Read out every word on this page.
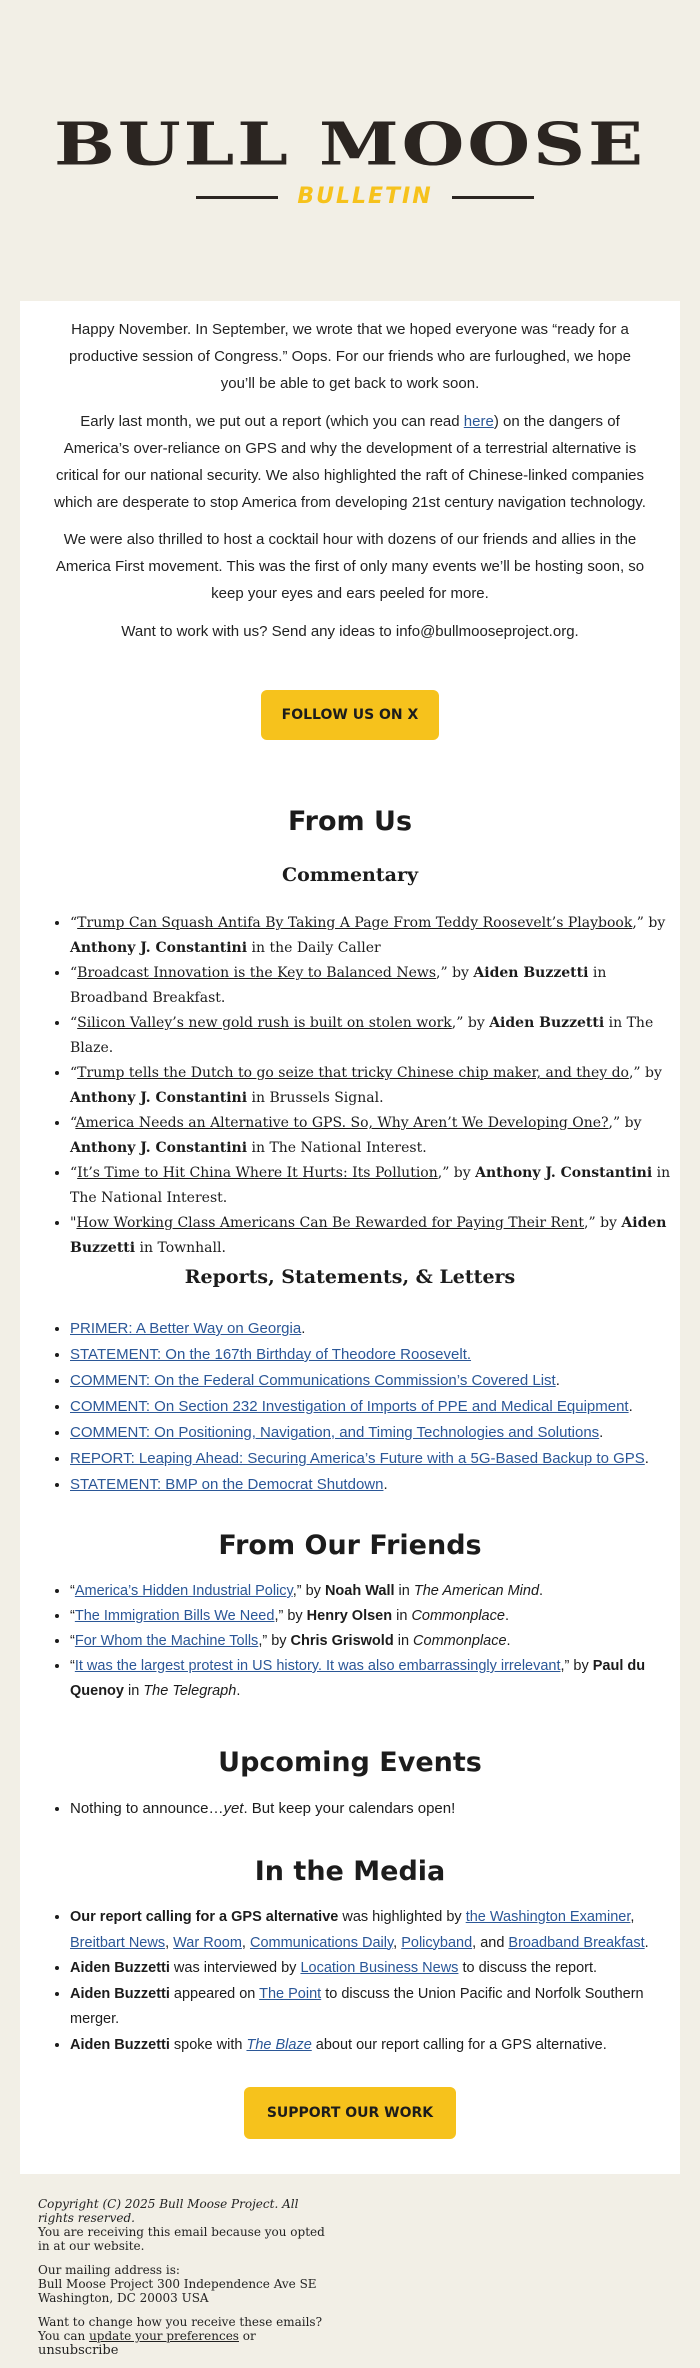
BULL MOOSE
BULLETIN

Happy November. In September, we wrote that we hoped everyone was “ready for a productive session of Congress.” Oops. For our friends who are furloughed, we hope you’ll be able to get back to work soon.

Early last month, we put out a report (which you can read here) on the dangers of America’s over-reliance on GPS and why the development of a terrestrial alternative is critical for our national security. We also highlighted the raft of Chinese-linked companies which are desperate to stop America from developing 21st century navigation technology.

We were also thrilled to host a cocktail hour with dozens of our friends and allies in the America First movement. This was the first of only many events we’ll be hosting soon, so keep your eyes and ears peeled for more.

Want to work with us? Send any ideas to info@bullmooseproject.org.

FOLLOW US ON X
From Us
Commentary
• “Trump Can Squash Antifa By Taking A Page From Teddy Roosevelt’s Playbook,” by Anthony J. Constantini in the Daily Caller
• “Broadcast Innovation is the Key to Balanced News,” by Aiden Buzzetti in Broadband Breakfast.
• “Silicon Valley’s new gold rush is built on stolen work,” by Aiden Buzzetti in The Blaze.
• “Trump tells the Dutch to go seize that tricky Chinese chip maker, and they do,” by Anthony J. Constantini in Brussels Signal.
• “America Needs an Alternative to GPS. So, Why Aren’t We Developing One?,” by Anthony J. Constantini in The National Interest.
• “It’s Time to Hit China Where It Hurts: Its Pollution,” by Anthony J. Constantini in The National Interest.
• "How Working Class Americans Can Be Rewarded for Paying Their Rent,” by Aiden Buzzetti in Townhall.
Reports, Statements, & Letters
• PRIMER: A Better Way on Georgia.
• STATEMENT: On the 167th Birthday of Theodore Roosevelt.
• COMMENT: On the Federal Communications Commission’s Covered List.
• COMMENT: On Section 232 Investigation of Imports of PPE and Medical Equipment.
• COMMENT: On Positioning, Navigation, and Timing Technologies and Solutions.
• REPORT: Leaping Ahead: Securing America’s Future with a 5G-Based Backup to GPS.
• STATEMENT: BMP on the Democrat Shutdown.
From Our Friends
• “America’s Hidden Industrial Policy,” by Noah Wall in The American Mind.
• “The Immigration Bills We Need,” by Henry Olsen in Commonplace.
• “For Whom the Machine Tolls,” by Chris Griswold in Commonplace.
• “It was the largest protest in US history. It was also embarrassingly irrelevant,” by Paul du Quenoy in The Telegraph.
Upcoming Events
• Nothing to announce…yet. But keep your calendars open!
In the Media
• Our report calling for a GPS alternative was highlighted by the Washington Examiner, Breitbart News, War Room, Communications Daily, Policyband, and Broadband Breakfast.
• Aiden Buzzetti was interviewed by Location Business News to discuss the report.
• Aiden Buzzetti appeared on The Point to discuss the Union Pacific and Norfolk Southern merger.
• Aiden Buzzetti spoke with The Blaze about our report calling for a GPS alternative.
SUPPORT OUR WORK
Copyright (C) 2025 Bull Moose Project. All rights reserved.
You are receiving this email because you opted in at our website.
Our mailing address is:
Bull Moose Project 300 Independence Ave SE
Washington, DC 20003 USA
Want to change how you receive these emails?
You can update your preferences or unsubscribe
